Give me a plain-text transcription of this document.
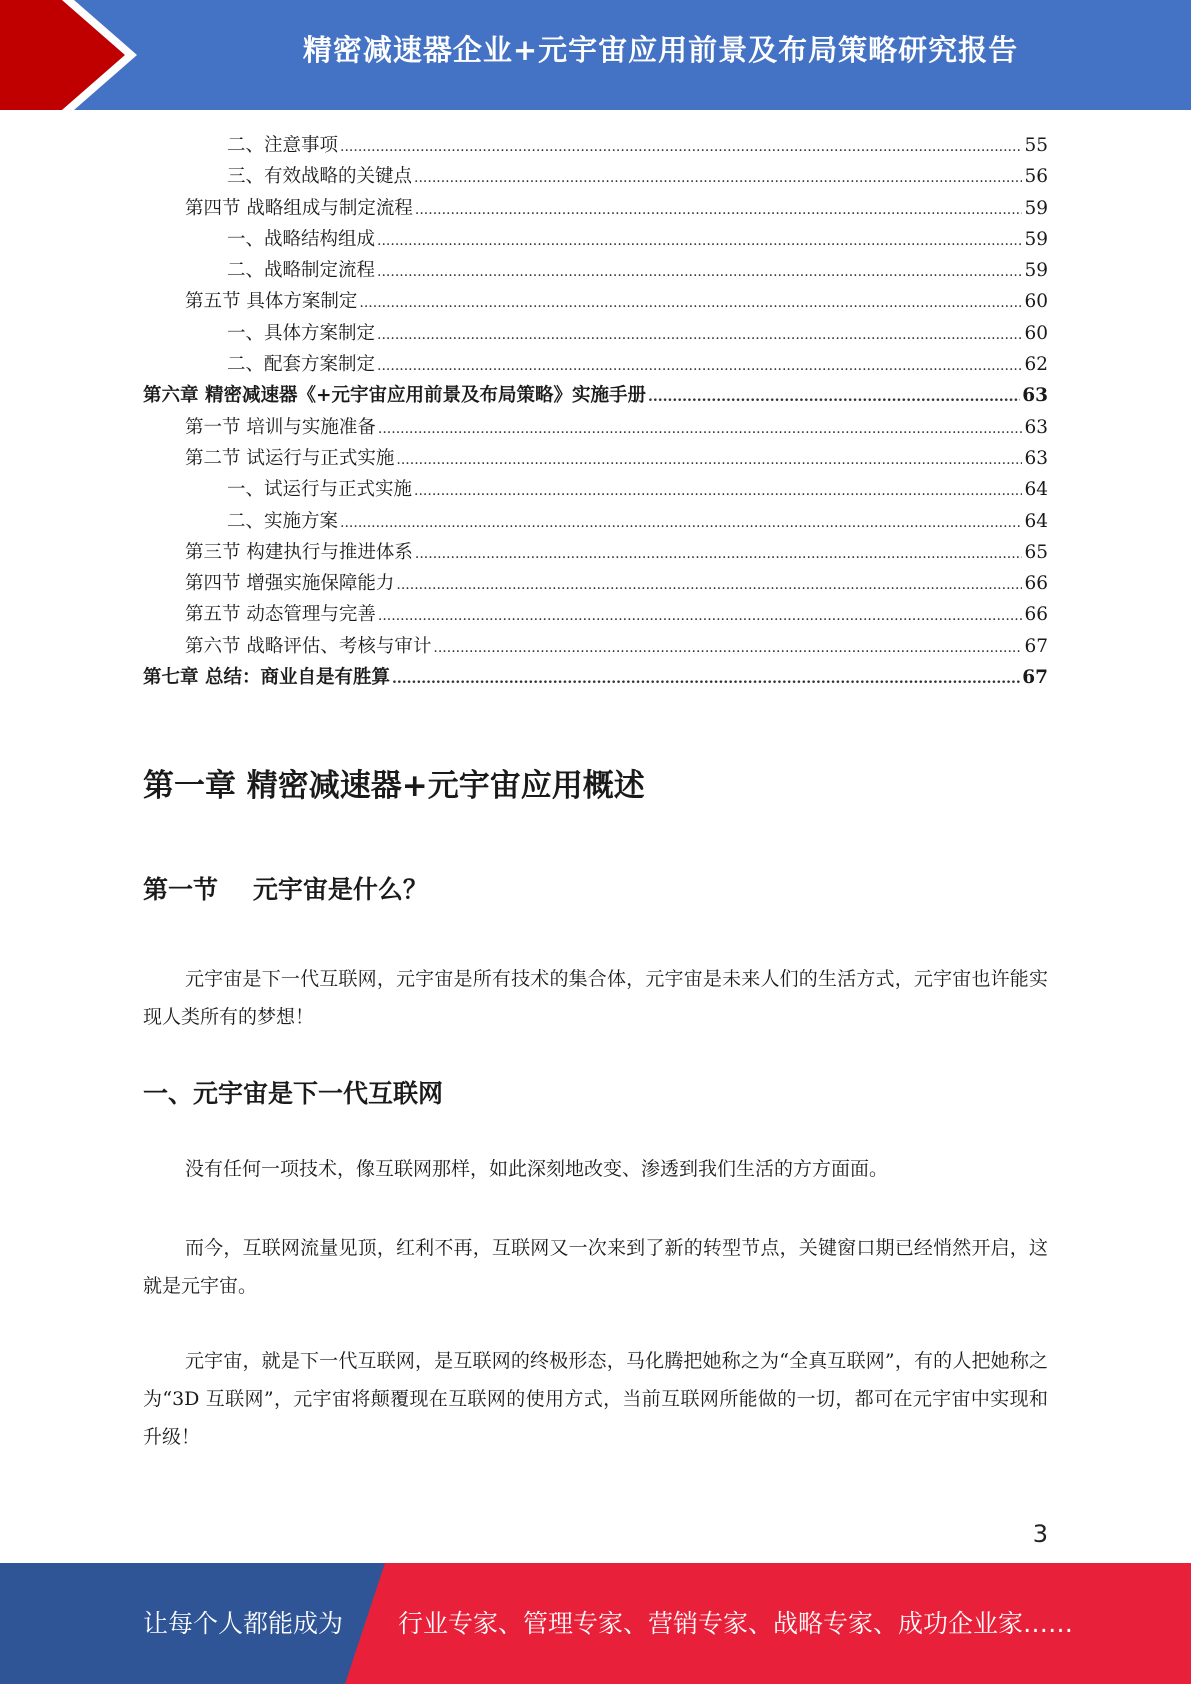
精密减速器企业+元宇宙应用前景及布局策略研究报告
二、注意事项 .....	55
三、有效战略的关键点 .....	56
第四节 战略组成与制定流程 .....	59
一、战略结构组成 .....	59
二、战略制定流程 .....	59
第五节 具体方案制定 .....	60
一、具体方案制定 .....	60
二、配套方案制定 .....	62
第六章 精密减速器《+元宇宙应用前景及布局策略》实施手册 .....	63
第一节 培训与实施准备 .....	63
第二节 试运行与正式实施 .....	63
一、试运行与正式实施 .....	64
二、实施方案 .....	64
第三节 构建执行与推进体系 .....	65
第四节 增强实施保障能力 .....	66
第五节 动态管理与完善 .....	66
第六节 战略评估、考核与审计 .....	67
第七章 总结：商业自是有胜算 .....	67
第一章 精密减速器+元宇宙应用概述
第一节    元宇宙是什么？

元宇宙是下一代互联网，元宇宙是所有技术的集合体，元宇宙是未来人们的生活方式，元宇宙也许能实现人类所有的梦想！

一、元宇宙是下一代互联网

没有任何一项技术，像互联网那样，如此深刻地改变、渗透到我们生活的方方面面。

而今，互联网流量见顶，红利不再，互联网又一次来到了新的转型节点，关键窗口期已经悄然开启，这就是元宇宙。

元宇宙，就是下一代互联网，是互联网的终极形态，马化腾把她称之为“全真互联网”，有的人把她称之为“3D 互联网”，元宇宙将颠覆现在互联网的使用方式，当前互联网所能做的一切，都可在元宇宙中实现和升级！

3
让每个人都能成为 行业专家、管理专家、营销专家、战略专家、成功企业家……
